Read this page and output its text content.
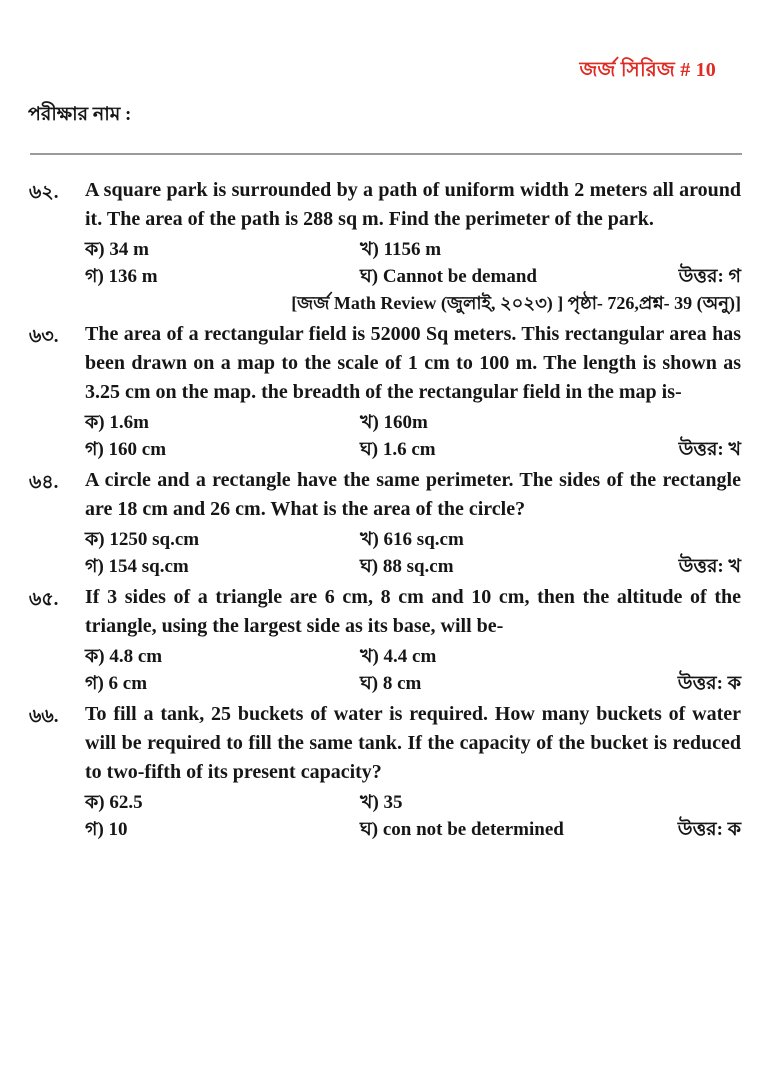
জর্জ সিরিজ # 10
পরীক্ষার নাম :
৬২.	A square park is surrounded by a path of uniform width 2 meters all around it. The area of the path is 288 sq m. Find the perimeter of the park.
ক) 34 m	খ) 1156 m
গ) 136 m	ঘ) Cannot be demand	উত্তর: গ
[জর্জ Math Review (জুলাই, ২০২৩) ] পৃষ্ঠা- 726,প্রশ্ন- 39 (অনু)]
৬৩.	The area of a rectangular field is 52000 Sq meters. This rectangular area has been drawn on a map to the scale of 1 cm to 100 m. The length is shown as 3.25 cm on the map. the breadth of the rectangular field in the map is-
ক) 1.6m	খ) 160m
গ) 160 cm	ঘ) 1.6 cm	উত্তর: খ
৬৪.	A circle and a rectangle have the same perimeter. The sides of the rectangle are 18 cm and 26 cm. What is the area of the circle?
ক) 1250 sq.cm	খ) 616 sq.cm
গ) 154 sq.cm	ঘ) 88 sq.cm	উত্তর: খ
৬৫.	If 3 sides of a triangle are 6 cm, 8 cm and 10 cm, then the altitude of the triangle, using the largest side as its base, will be-
ক) 4.8 cm	খ) 4.4 cm
গ) 6 cm	ঘ) 8 cm	উত্তর: ক
৬৬.	To fill a tank, 25 buckets of water is required. How many buckets of water will be required to fill the same tank. If the capacity of the bucket is reduced to two-fifth of its present capacity?
ক) 62.5	খ) 35
গ) 10	ঘ) con not be determined	উত্তর: ক
